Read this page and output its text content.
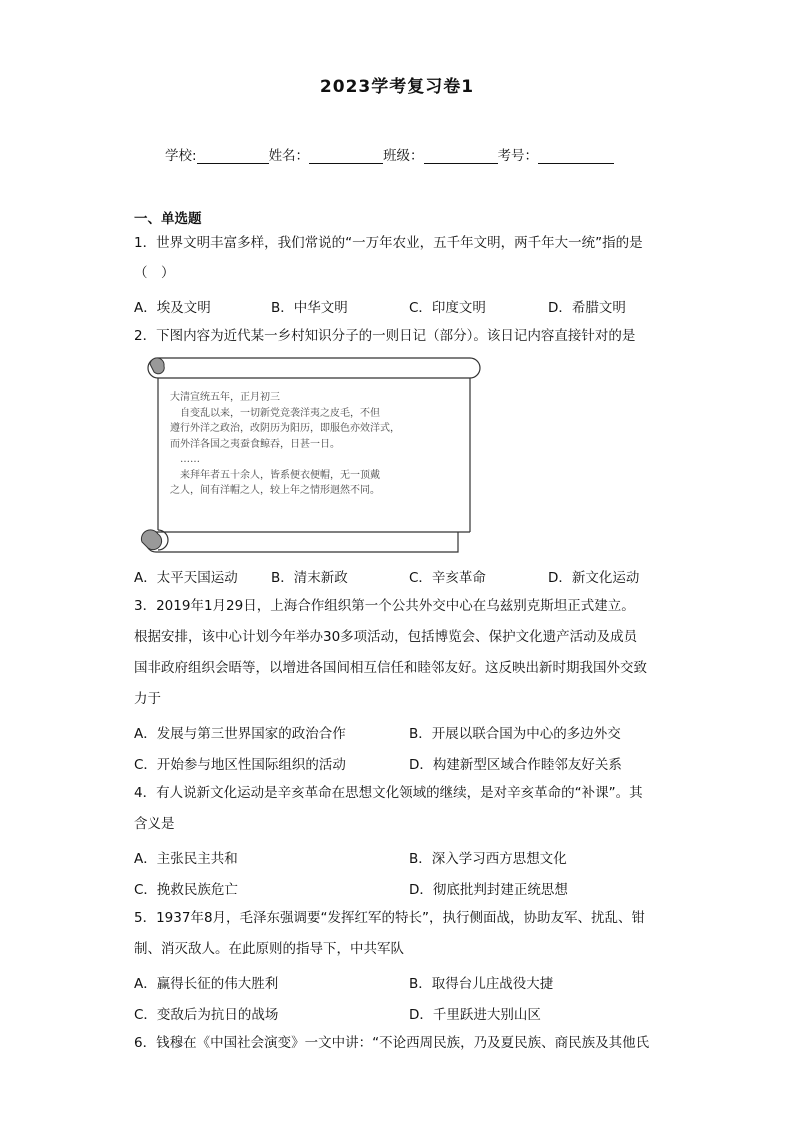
2023学考复习卷1
学校:	姓名：	班级：	考号：
一、单选题
1．世界文明丰富多样，我们常说的“一万年农业，五千年文明，两千年大一统”指的是
（　）
A．埃及文明	B．中华文明	C．印度文明	D．希腊文明
2．下图内容为近代某一乡村知识分子的一则日记（部分）。该日记内容直接针对的是
大清宣统五年，正月初三
　自变乱以来，一切新党竞袭洋夷之皮毛，不但
遵行外洋之政治，改阴历为阳历，即服色亦效洋式，
而外洋各国之夷蚕食鲸吞，日甚一日。
　……
　来拜年者五十余人，皆系便衣便帽，无一顶戴
之人，间有洋帽之人，较上年之情形迥然不同。
A．太平天国运动 B．清末新政	C．辛亥革命	D．新文化运动
3．2019年1月29日，上海合作组织第一个公共外交中心在乌兹别克斯坦正式建立。
根据安排，该中心计划今年举办30多项活动，包括博览会、保护文化遗产活动及成员
国非政府组织会晤等，以增进各国间相互信任和睦邻友好。这反映出新时期我国外交致
力于
A．发展与第三世界国家的政治合作	B．开展以联合国为中心的多边外交
C．开始参与地区性国际组织的活动	D．构建新型区域合作睦邻友好关系
4．有人说新文化运动是辛亥革命在思想文化领域的继续，是对辛亥革命的“补课”。其
含义是
A．主张民主共和	B．深入学习西方思想文化
C．挽救民族危亡	D．彻底批判封建正统思想
5．1937年8月，毛泽东强调要“发挥红军的特长”，执行侧面战，协助友军、扰乱、钳
制、消灭敌人。在此原则的指导下，中共军队
A．赢得长征的伟大胜利	B．取得台儿庄战役大捷
C．变敌后为抗日的战场	D．千里跃进大别山区
6．钱穆在《中国社会演变》一文中讲：“不论西周民族，乃及夏民族、商民族及其他氏
